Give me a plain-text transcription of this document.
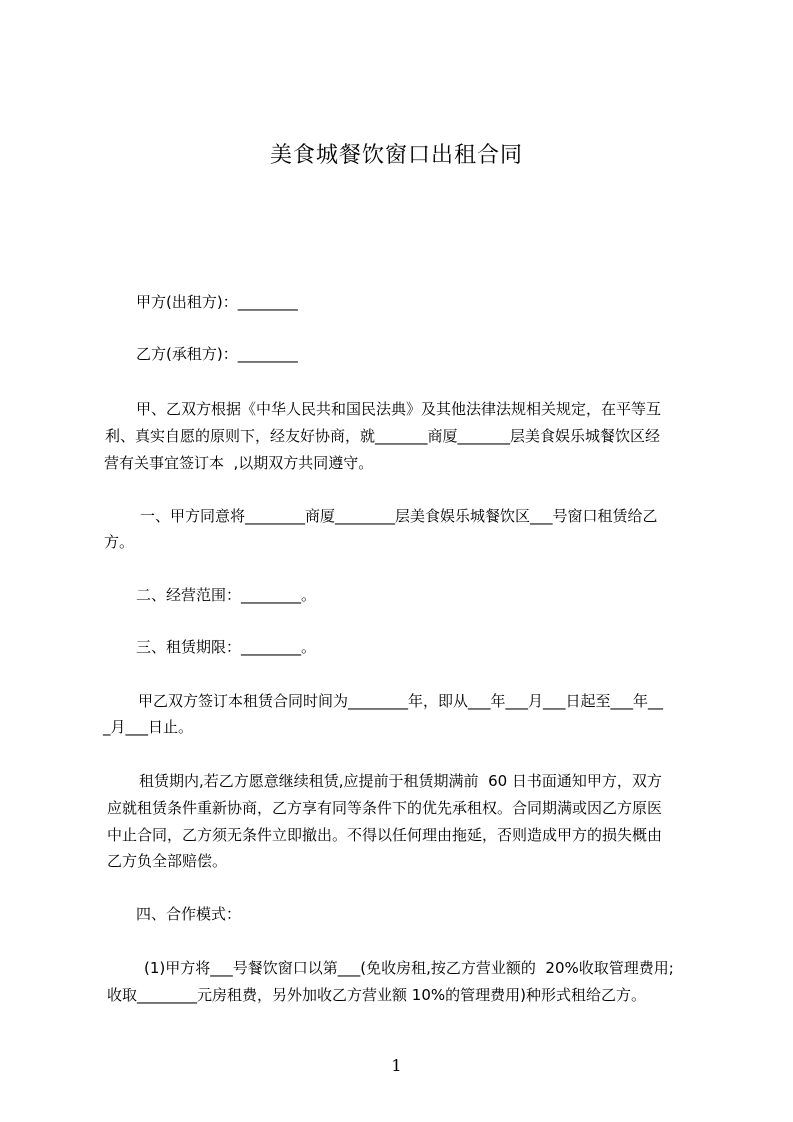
美食城餐饮窗口出租合同
甲方(出租方)：________
乙方(承租方)：________
甲、乙双方根据《中华人民共和国民法典》及其他法律法规相关规定，在平等互
利、真实自愿的原则下，经友好协商，就_______商厦_______层美食娱乐城餐饮区经
营有关事宜签订本  ,以期双方共同遵守。
一、甲方同意将________商厦________层美食娱乐城餐饮区___号窗口租赁给乙
方。
二、经营范围：________。
三、租赁期限：________。
甲乙双方签订本租赁合同时间为________年，即从___年___月___日起至___年__
_月___日止。
租赁期内,若乙方愿意继续租赁,应提前于租赁期满前  60 日书面通知甲方，双方
应就租赁条件重新协商，乙方享有同等条件下的优先承租权。合同期满或因乙方原医
中止合同，乙方须无条件立即撤出。不得以任何理由拖延，否则造成甲方的损失概由
乙方负全部赔偿。
四、合作模式：
(1)甲方将___号餐饮窗口以第___(免收房租,按乙方营业额的  20%收取管理费用;
收取________元房租费，另外加收乙方营业额 10%的管理费用)种形式租给乙方。
1
